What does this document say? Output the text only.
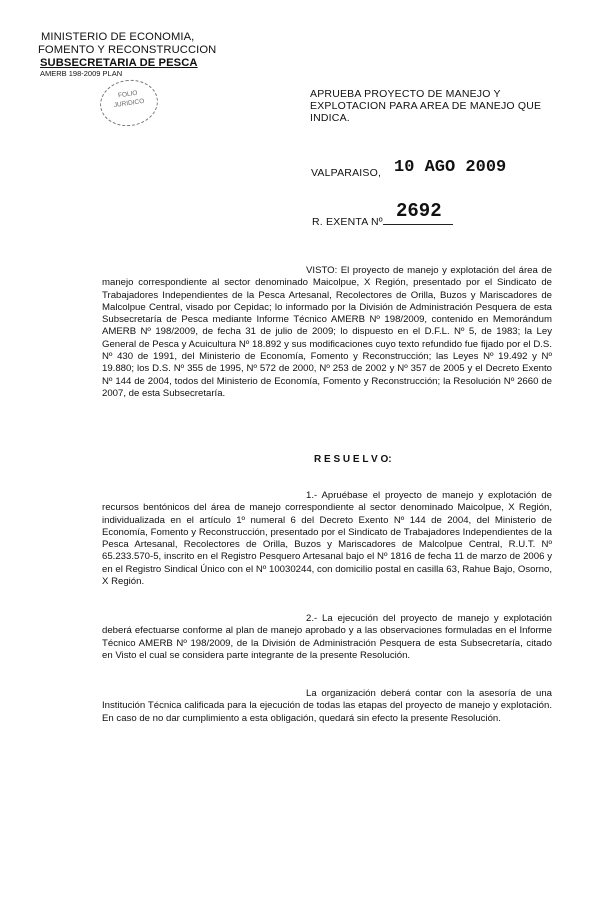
MINISTERIO DE ECONOMIA,
FOMENTO Y RECONSTRUCCION
SUBSECRETARIA DE PESCA
AMERB 198-2009 PLAN
FOLIO
JURIDICO
APRUEBA PROYECTO DE MANEJO Y
EXPLOTACION PARA AREA DE MANEJO QUE
INDICA.
VALPARAISO, 10 AGO 2009
R. EXENTA Nº 2692
VISTO: El proyecto de manejo y explotación del área de manejo correspondiente al sector denominado Maicolpue, X Región, presentado por el Sindicato de Trabajadores Independientes de la Pesca Artesanal, Recolectores de Orilla, Buzos y Mariscadores de Malcolpue Central, visado por Cepidac; lo informado por la División de Administración Pesquera de esta Subsecretaría de Pesca mediante Informe Técnico AMERB Nº 198/2009, contenido en Memorándum AMERB Nº 198/2009, de fecha 31 de julio de 2009; lo dispuesto en el D.F.L. Nº 5, de 1983; la Ley General de Pesca y Acuicultura Nº 18.892 y sus modificaciones cuyo texto refundido fue fijado por el D.S. Nº 430 de 1991, del Ministerio de Economía, Fomento y Reconstrucción; las Leyes Nº 19.492 y Nº 19.880; los D.S. Nº 355 de 1995, Nº 572 de 2000, Nº 253 de 2002 y Nº 357 de 2005 y el Decreto Exento Nº 144 de 2004, todos del Ministerio de Economía, Fomento y Reconstrucción; la Resolución Nº 2660 de 2007, de esta Subsecretaría.
R E S U E L V O:
1.- Apruébase el proyecto de manejo y explotación de recursos bentónicos del área de manejo correspondiente al sector denominado Maicolpue, X Región, individualizada en el artículo 1º numeral 6 del Decreto Exento Nº 144 de 2004, del Ministerio de Economía, Fomento y Reconstrucción, presentado por el Sindicato de Trabajadores Independientes de la Pesca Artesanal, Recolectores de Orilla, Buzos y Mariscadores de Malcolpue Central, R.U.T. Nº 65.233.570-5, inscrito en el Registro Pesquero Artesanal bajo el Nº 1816 de fecha 11 de marzo de 2006 y en el Registro Sindical Único con el Nº 10030244, con domicilio postal en casilla 63, Rahue Bajo, Osorno, X Región.
2.- La ejecución del proyecto de manejo y explotación deberá efectuarse conforme al plan de manejo aprobado y a las observaciones formuladas en el Informe Técnico AMERB Nº 198/2009, de la División de Administración Pesquera de esta Subsecretaría, citado en Visto el cual se considera parte integrante de la presente Resolución.
La organización deberá contar con la asesoría de una Institución Técnica calificada para la ejecución de todas las etapas del proyecto de manejo y explotación. En caso de no dar cumplimiento a esta obligación, quedará sin efecto la presente Resolución.
